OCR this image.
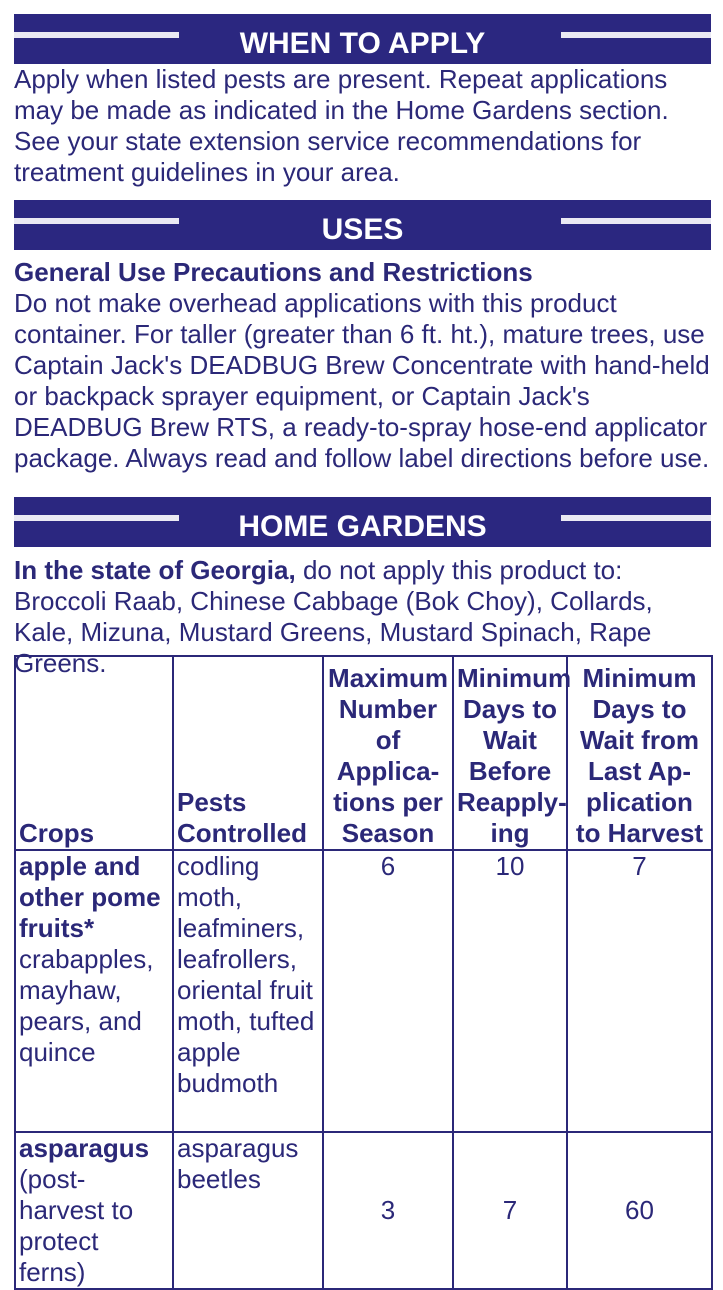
WHEN TO APPLY
Apply when listed pests are present. Repeat applications may be made as indicated in the Home Gardens section. See your state extension service recommendations for treatment guidelines in your area.
USES
General Use Precautions and Restrictions
Do not make overhead applications with this product container. For taller (greater than 6 ft. ht.), mature trees, use Captain Jack's DEADBUG Brew Concentrate with hand-held or backpack sprayer equipment, or Captain Jack's DEADBUG Brew RTS, a ready-to-spray hose-end applicator package. Always read and follow label directions before use.
HOME GARDENS
In the state of Georgia, do not apply this product to: Broccoli Raab, Chinese Cabbage (Bok Choy), Collards, Kale, Mizuna, Mustard Greens, Mustard Spinach, Rape Greens.
Crops	Pests Controlled	Maximum Number of Applica-tions per Season	Minimum Days to Wait Before Reapply-ing	Minimum Days to Wait from Last Ap-plication to Harvest

apple and other pome fruits*
crabapples, mayhaw, pears, and quince	codling moth, leafminers, leafrollers, oriental fruit moth, tufted apple budmoth	6	10	7

asparagus
(post-harvest to protect ferns)	asparagus beetles	3	7	60
